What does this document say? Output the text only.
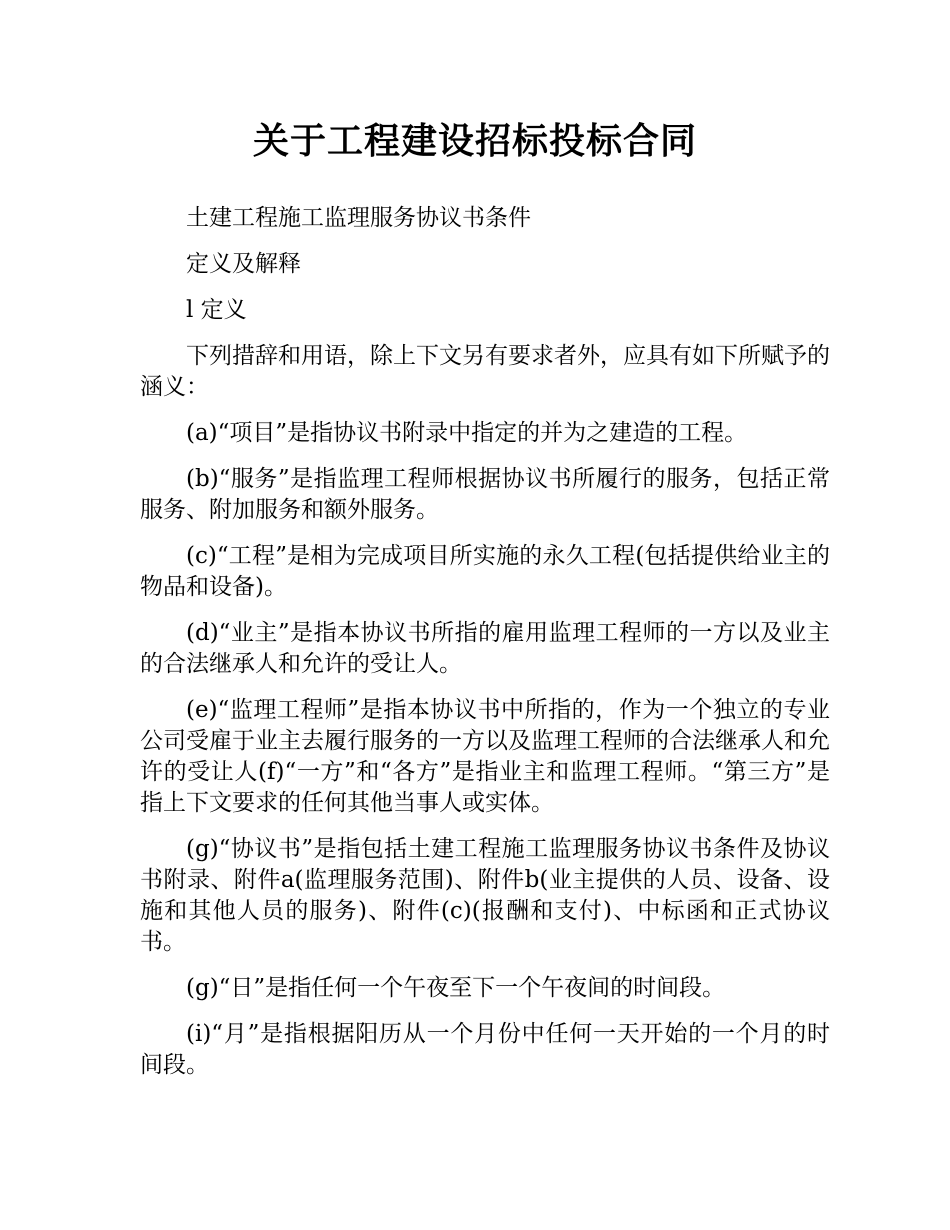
关于工程建设招标投标合同

土建工程施工监理服务协议书条件

定义及解释

l 定义

下列措辞和用语，除上下文另有要求者外，应具有如下所赋予的涵义：

(a)“项目”是指协议书附录中指定的并为之建造的工程。

(b)“服务”是指监理工程师根据协议书所履行的服务，包括正常服务、附加服务和额外服务。

(c)“工程”是相为完成项目所实施的永久工程(包括提供给业主的物品和设备)。

(d)“业主”是指本协议书所指的雇用监理工程师的一方以及业主的合法继承人和允许的受让人。

(e)“监理工程师”是指本协议书中所指的，作为一个独立的专业公司受雇于业主去履行服务的一方以及监理工程师的合法继承人和允许的受让人(f)“一方”和“各方”是指业主和监理工程师。“第三方”是指上下文要求的任何其他当事人或实体。

(g)“协议书”是指包括土建工程施工监理服务协议书条件及协议书附录、附件a(监理服务范围)、附件b(业主提供的人员、设备、设施和其他人员的服务)、附件(c)(报酬和支付)、中标函和正式协议书。

(g)“日”是指任何一个午夜至下一个午夜间的时间段。

(i)“月”是指根据阳历从一个月份中任何一天开始的一个月的时间段。
